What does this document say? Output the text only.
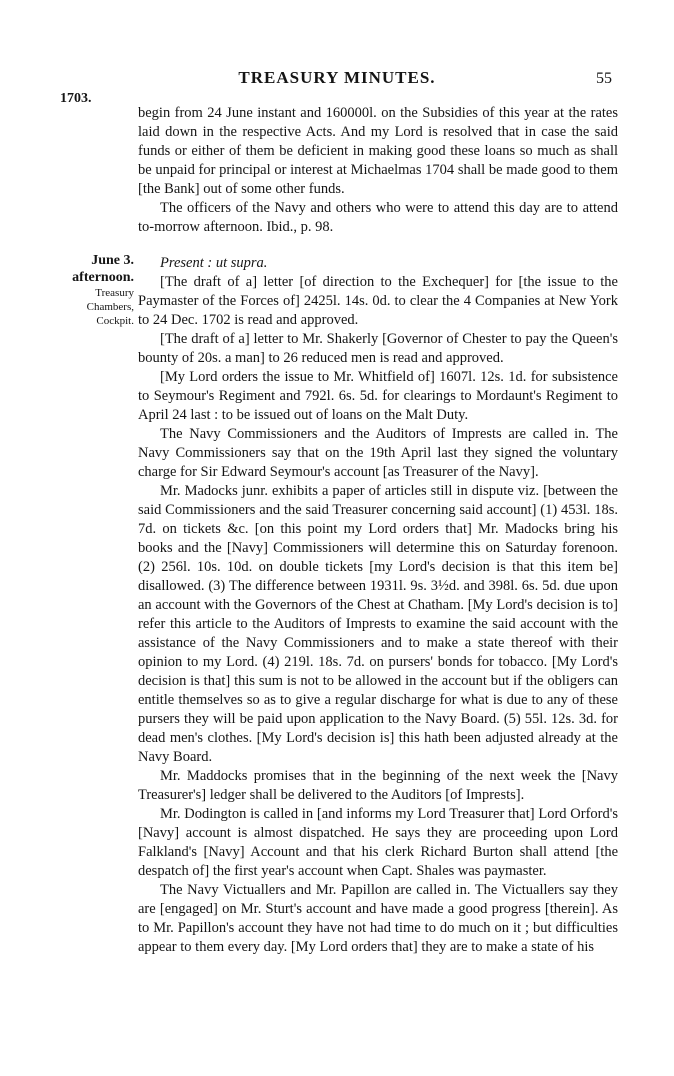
TREASURY MINUTES.	55
1703.
June 3.
afternoon.
Treasury
Chambers,
Cockpit.

begin from 24 June instant and 160000l. on the Subsidies of this year at the rates laid down in the respective Acts. And my Lord is resolved that in case the said funds or either of them be deficient in making good these loans so much as shall be unpaid for principal or interest at Michaelmas 1704 shall be made good to them [the Bank] out of some other funds.

The officers of the Navy and others who were to attend this day are to attend to-morrow afternoon. Ibid., p. 98.

Present : ut supra.

[The draft of a] letter [of direction to the Exchequer] for [the issue to the Paymaster of the Forces of] 2425l. 14s. 0d. to clear the 4 Companies at New York to 24 Dec. 1702 is read and approved.

[The draft of a] letter to Mr. Shakerly [Governor of Chester to pay the Queen's bounty of 20s. a man] to 26 reduced men is read and approved.

[My Lord orders the issue to Mr. Whitfield of] 1607l. 12s. 1d. for subsistence to Seymour's Regiment and 792l. 6s. 5d. for clearings to Mordaunt's Regiment to April 24 last : to be issued out of loans on the Malt Duty.

The Navy Commissioners and the Auditors of Imprests are called in. The Navy Commissioners say that on the 19th April last they signed the voluntary charge for Sir Edward Seymour's account [as Treasurer of the Navy].

Mr. Madocks junr. exhibits a paper of articles still in dispute viz. [between the said Commissioners and the said Treasurer concerning said account] (1) 453l. 18s. 7d. on tickets &c. [on this point my Lord orders that] Mr. Madocks bring his books and the [Navy] Commissioners will determine this on Saturday forenoon. (2) 256l. 10s. 10d. on double tickets [my Lord's decision is that this item be] disallowed. (3) The difference between 1931l. 9s. 3½d. and 398l. 6s. 5d. due upon an account with the Governors of the Chest at Chatham. [My Lord's decision is to] refer this article to the Auditors of Imprests to examine the said account with the assistance of the Navy Commissioners and to make a state thereof with their opinion to my Lord. (4) 219l. 18s. 7d. on pursers' bonds for tobacco. [My Lord's decision is that] this sum is not to be allowed in the account but if the obligers can entitle themselves so as to give a regular discharge for what is due to any of these pursers they will be paid upon application to the Navy Board. (5) 55l. 12s. 3d. for dead men's clothes. [My Lord's decision is] this hath been adjusted already at the Navy Board.

Mr. Maddocks promises that in the beginning of the next week the [Navy Treasurer's] ledger shall be delivered to the Auditors [of Imprests].

Mr. Dodington is called in [and informs my Lord Treasurer that] Lord Orford's [Navy] account is almost dispatched. He says they are proceeding upon Lord Falkland's [Navy] Account and that his clerk Richard Burton shall attend [the despatch of] the first year's account when Capt. Shales was paymaster.

The Navy Victuallers and Mr. Papillon are called in. The Victuallers say they are [engaged] on Mr. Sturt's account and have made a good progress [therein]. As to Mr. Papillon's account they have not had time to do much on it ; but difficulties appear to them every day. [My Lord orders that] they are to make a state of his
